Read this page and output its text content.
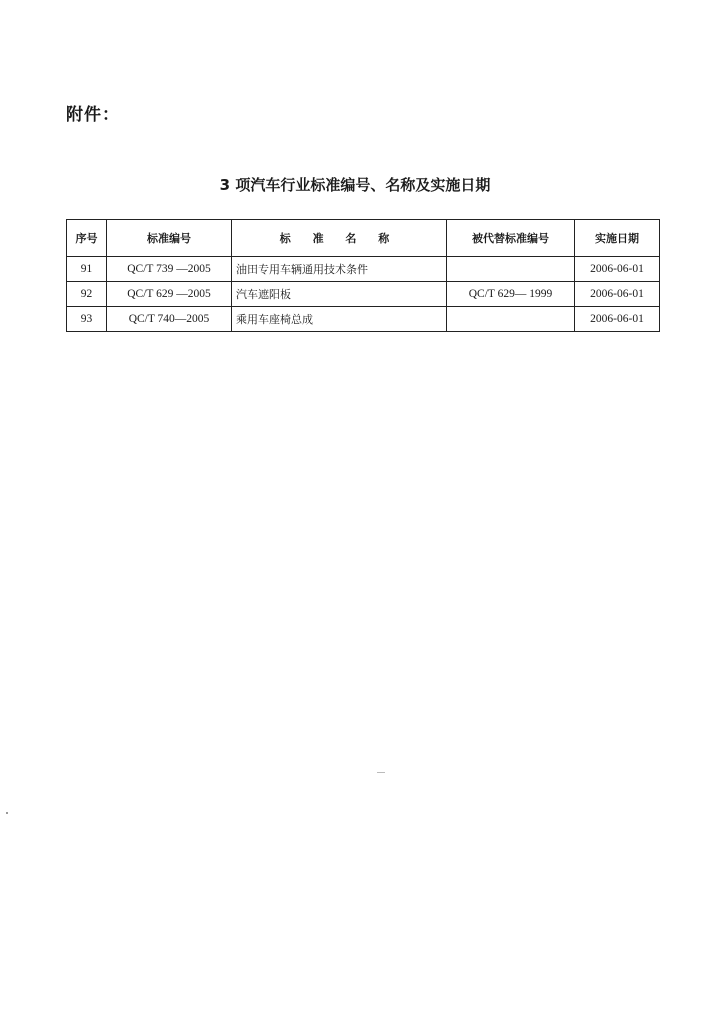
附件：
3 项汽车行业标准编号、名称及实施日期
序号	标准编号	标 准 名 称	被代替标准编号	实施日期
91	QC/T 739 —2005	油田专用车辆通用技术条件		2006-06-01
92	QC/T 629 —2005	汽车遮阳板	QC/T 629— 1999	2006-06-01
93	QC/T 740—2005	乘用车座椅总成		2006-06-01
